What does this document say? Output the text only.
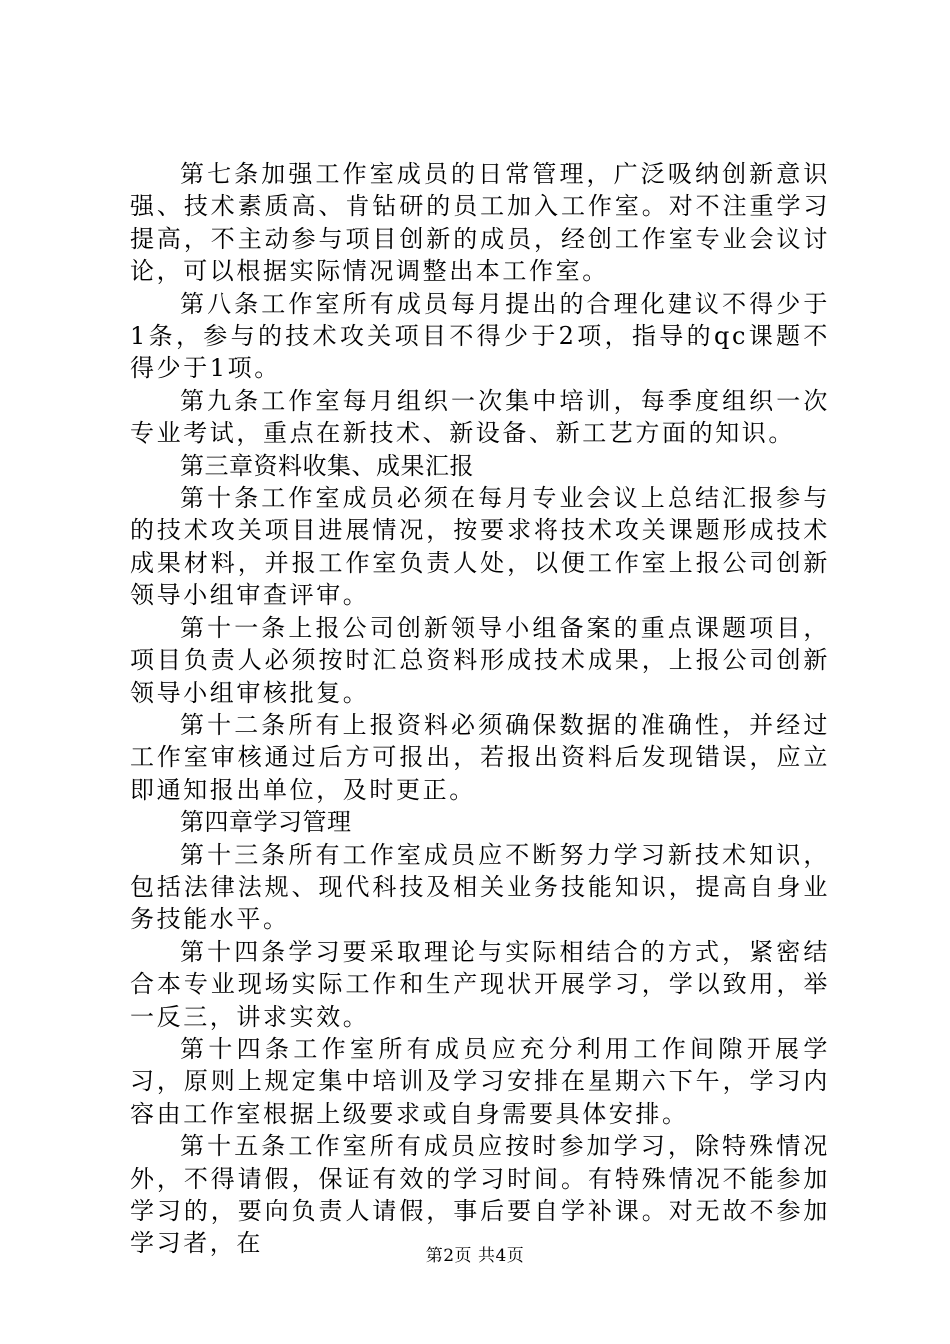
第七条加强工作室成员的日常管理，广泛吸纳创新意识强、技术素质高、肯钻研的员工加入工作室。对不注重学习提高，不主动参与项目创新的成员，经创工作室专业会议讨论，可以根据实际情况调整出本工作室。

第八条工作室所有成员每月提出的合理化建议不得少于1条，参与的技术攻关项目不得少于2项，指导的qc课题不得少于1项。

第九条工作室每月组织一次集中培训，每季度组织一次专业考试，重点在新技术、新设备、新工艺方面的知识。

第三章资料收集、成果汇报

第十条工作室成员必须在每月专业会议上总结汇报参与的技术攻关项目进展情况，按要求将技术攻关课题形成技术成果材料，并报工作室负责人处，以便工作室上报公司创新领导小组审查评审。

第十一条上报公司创新领导小组备案的重点课题项目，项目负责人必须按时汇总资料形成技术成果，上报公司创新领导小组审核批复。

第十二条所有上报资料必须确保数据的准确性，并经过工作室审核通过后方可报出，若报出资料后发现错误，应立即通知报出单位，及时更正。

第四章学习管理

第十三条所有工作室成员应不断努力学习新技术知识，包括法律法规、现代科技及相关业务技能知识，提高自身业务技能水平。

第十四条学习要采取理论与实际相结合的方式，紧密结合本专业现场实际工作和生产现状开展学习，学以致用，举一反三，讲求实效。

第十四条工作室所有成员应充分利用工作间隙开展学习，原则上规定集中培训及学习安排在星期六下午，学习内容由工作室根据上级要求或自身需要具体安排。

第十五条工作室所有成员应按时参加学习，除特殊情况外，不得请假，保证有效的学习时间。有特殊情况不能参加学习的，要向负责人请假，事后要自学补课。对无故不参加学习者，在	第2页 共4页
